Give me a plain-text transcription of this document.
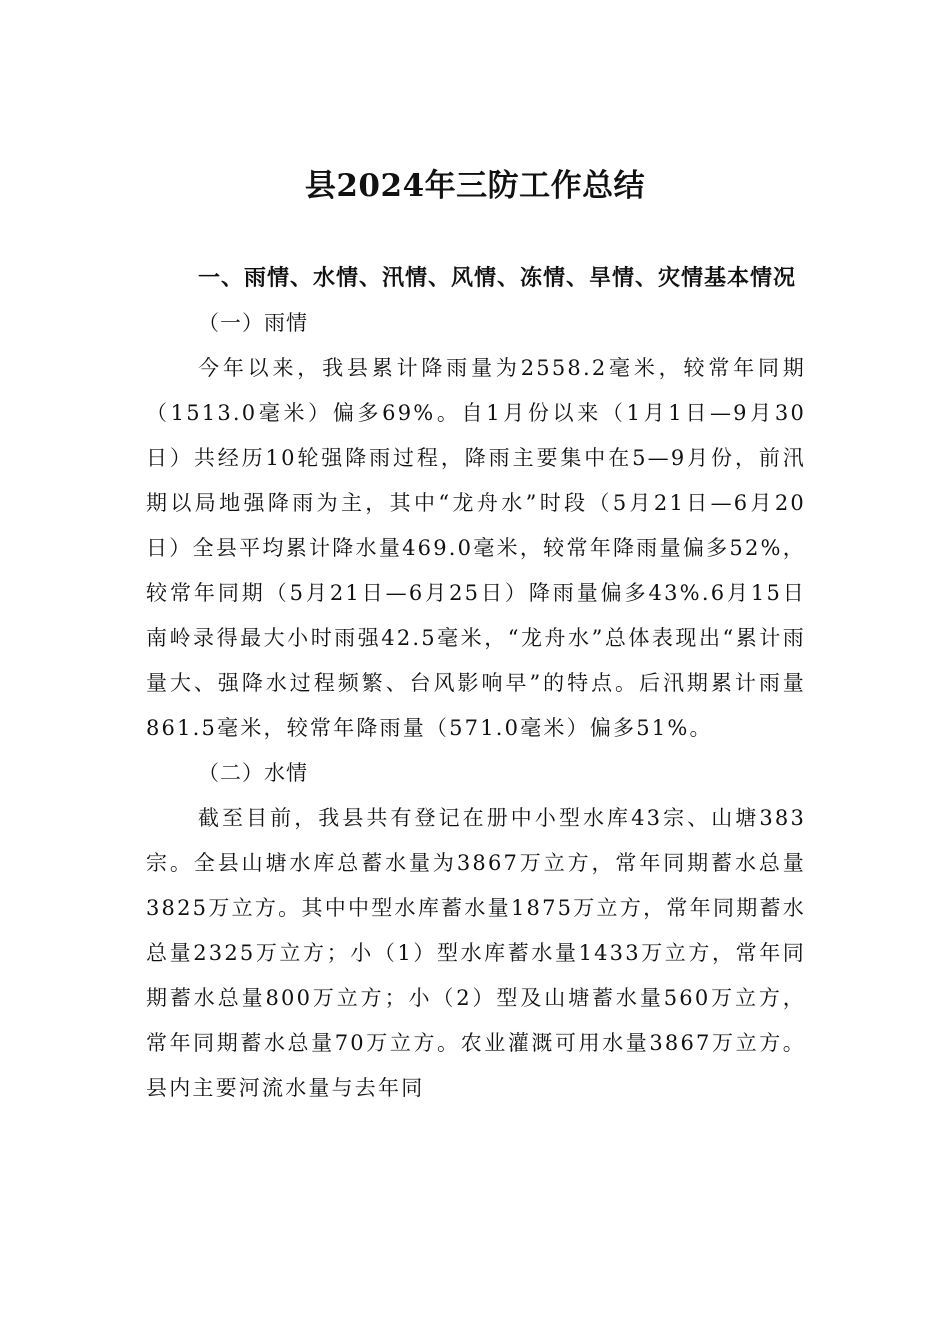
县2024年三防工作总结

一、雨情、水情、汛情、风情、冻情、旱情、灾情基本情况

（一）雨情

今年以来，我县累计降雨量为2558.2毫米，较常年同期（1513.0毫米）偏多69%。自1月份以来（1月1日—9月30日）共经历10轮强降雨过程，降雨主要集中在5—9月份，前汛期以局地强降雨为主，其中“龙舟水”时段（5月21日—6月20日）全县平均累计降水量469.0毫米，较常年降雨量偏多52%，较常年同期（5月21日—6月25日）降雨量偏多43%.6月15日南岭录得最大小时雨强42.5毫米，“龙舟水”总体表现出“累计雨量大、强降水过程频繁、台风影响早”的特点。后汛期累计雨量861.5毫米，较常年降雨量（571.0毫米）偏多51%。

（二）水情

截至目前，我县共有登记在册中小型水库43宗、山塘383宗。全县山塘水库总蓄水量为3867万立方，常年同期蓄水总量3825万立方。其中中型水库蓄水量1875万立方，常年同期蓄水总量2325万立方；小（1）型水库蓄水量1433万立方，常年同期蓄水总量800万立方；小（2）型及山塘蓄水量560万立方，常年同期蓄水总量70万立方。农业灌溉可用水量3867万立方。县内主要河流水量与去年同
